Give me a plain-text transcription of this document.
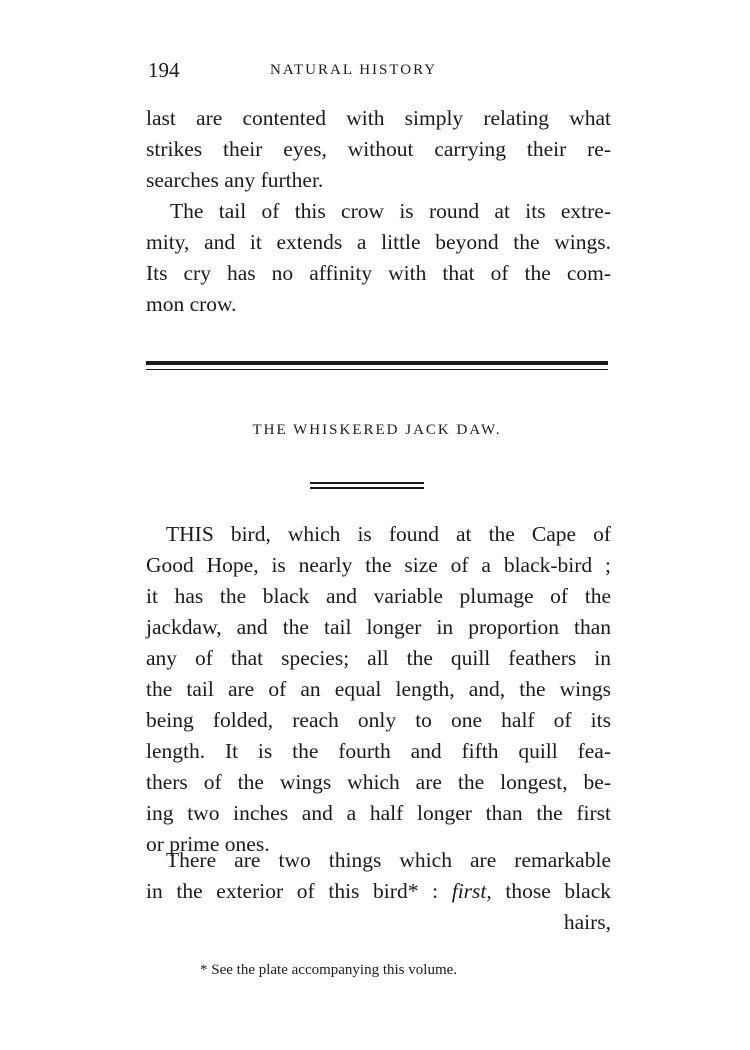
194	NATURAL HISTORY

last are contented with simply relating what
strikes their eyes, without carrying their re-
searches any further.

The tail of this crow is round at its extre-
mity, and it extends a little beyond the wings.
Its cry has no affinity with that of the com-
mon crow.

THE WHISKERED JACK DAW.

THIS bird, which is found at the Cape of
Good Hope, is nearly the size of a black-bird ;
it has the black and variable plumage of the
jackdaw, and the tail longer in proportion than
any of that species; all the quill feathers in
the tail are of an equal length, and, the wings
being folded, reach only to one half of its
length. It is the fourth and fifth quill fea-
thers of the wings which are the longest, be-
ing two inches and a half longer than the first
or prime ones.

There are two things which are remarkable
in the exterior of this bird* : first, those black
hairs,

* See the plate accompanying this volume.
